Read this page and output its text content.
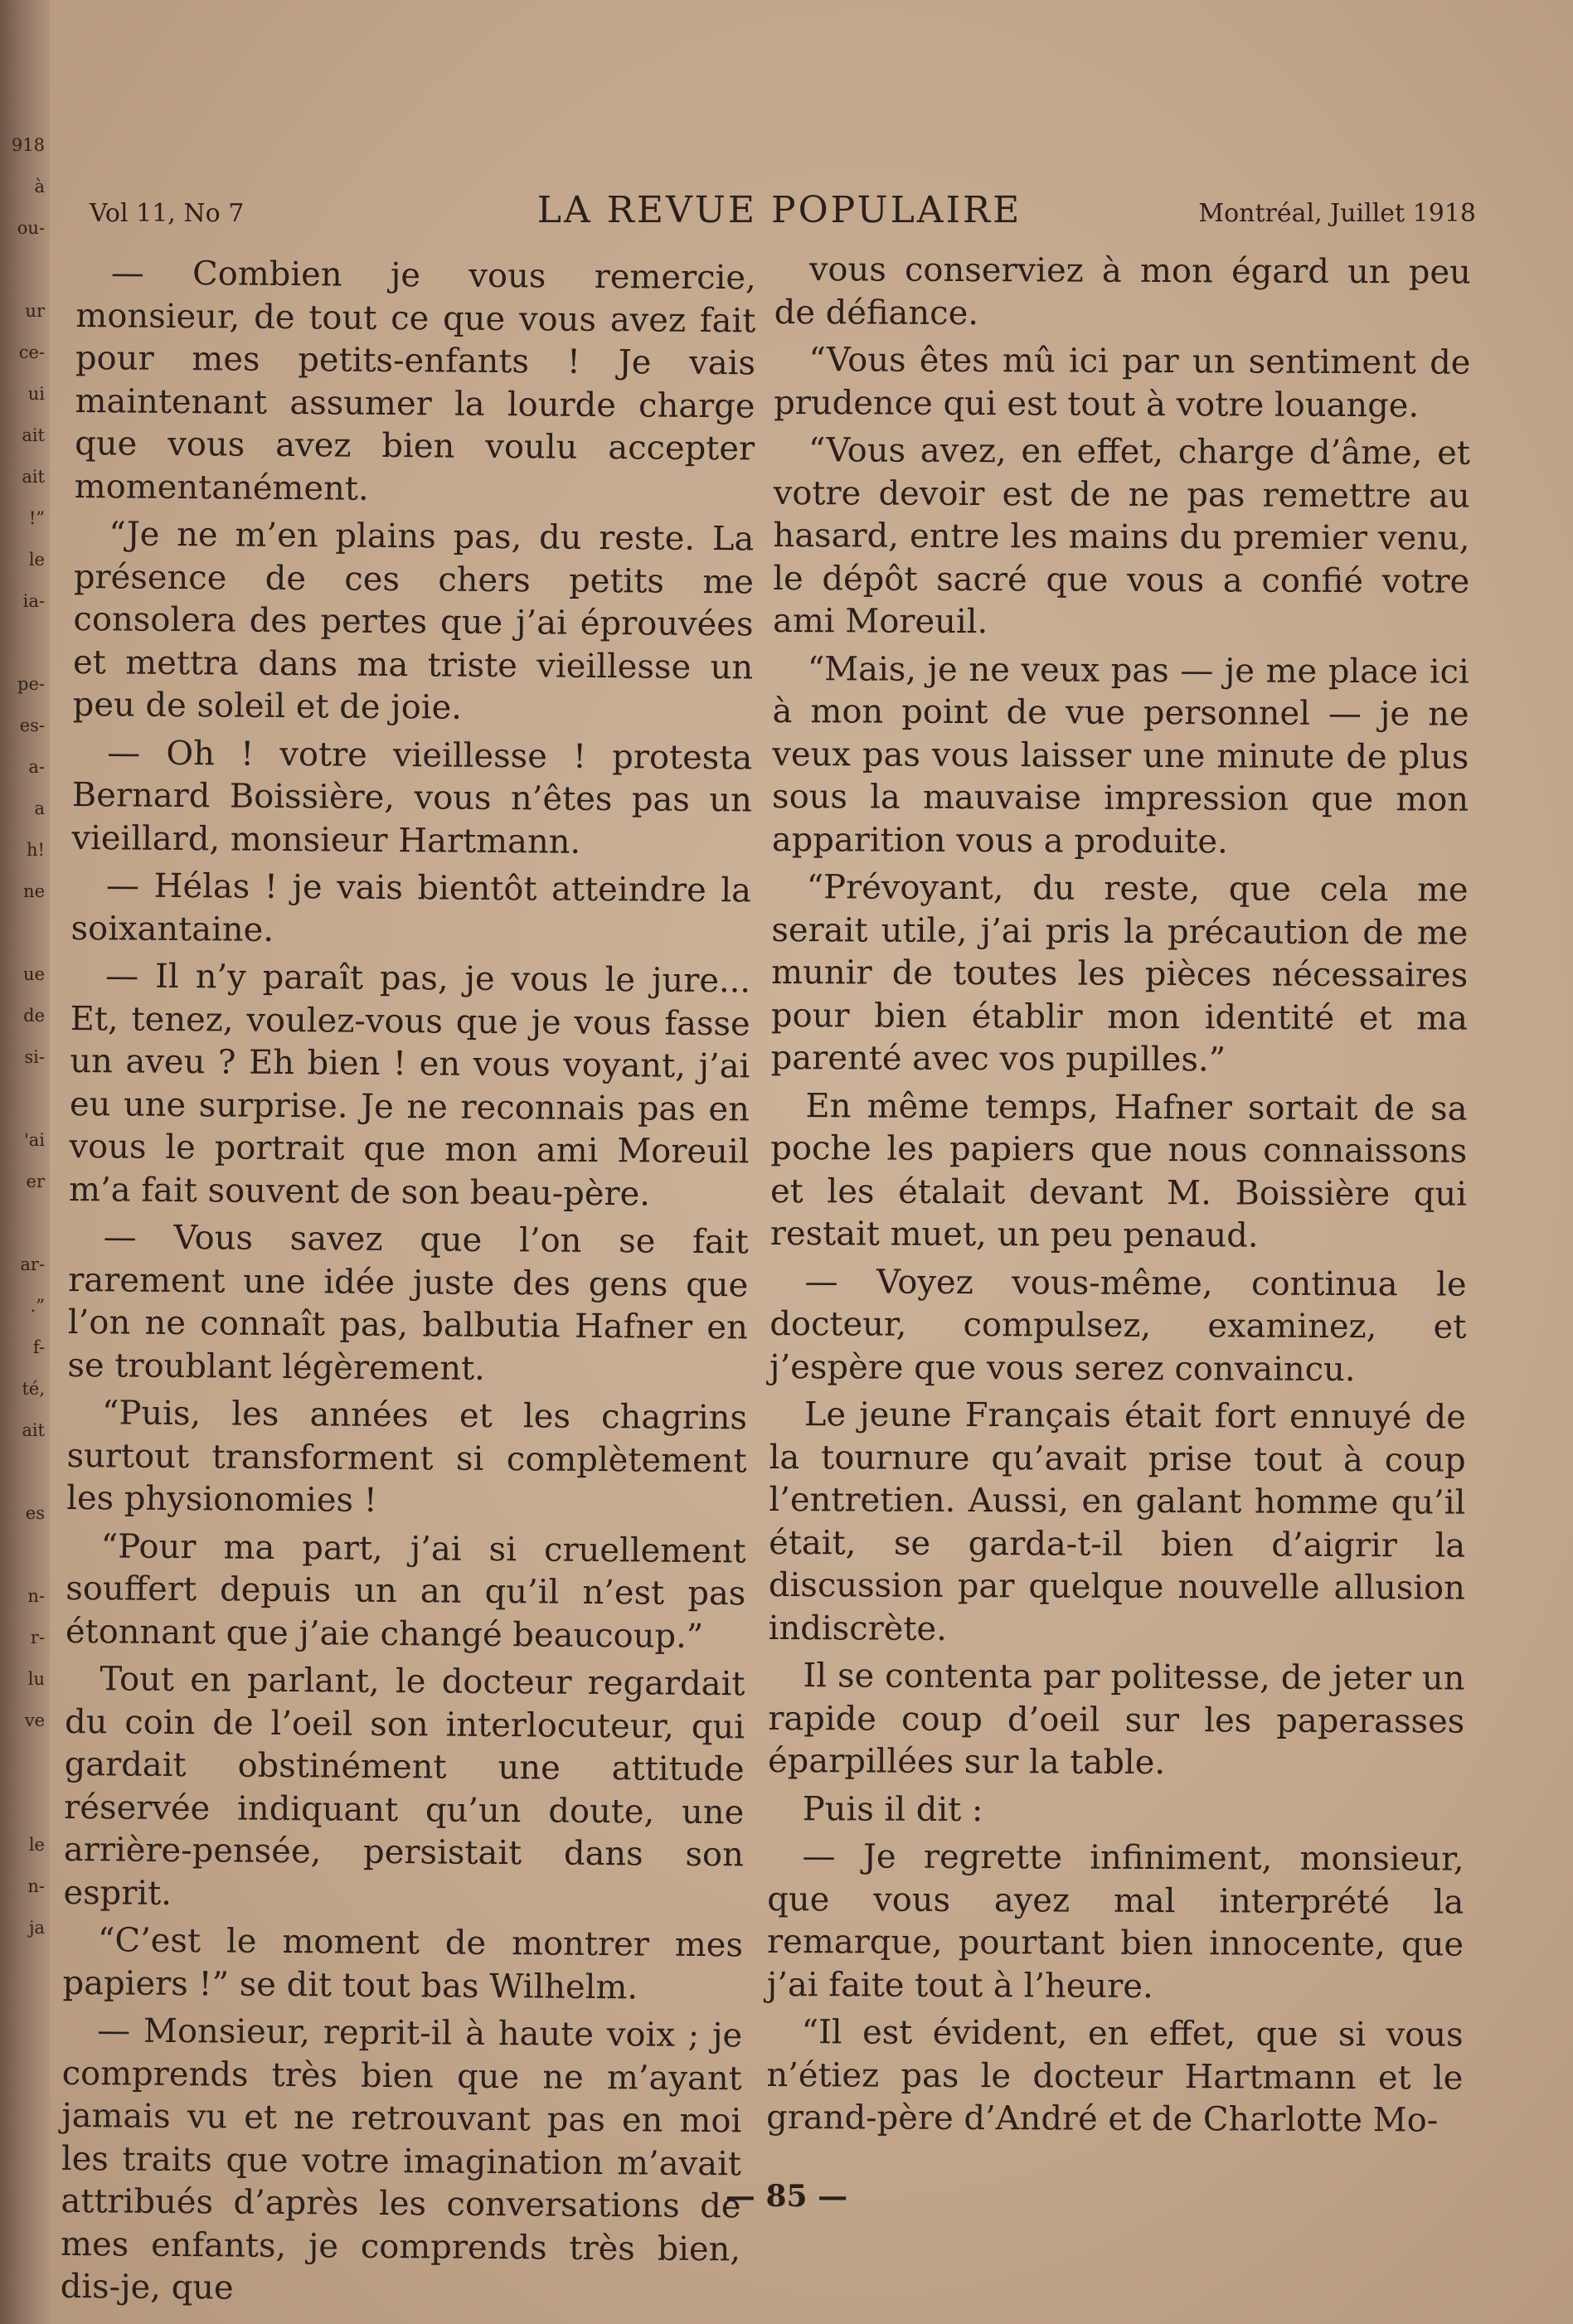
918
à
ou-

ur
ce-
ui
ait
ait
!”
le
ia-

pe-
es-
a-
a
h!
ne

ue
de
si-

'ai
er

ar-
.”
f-
té,
ait

es

n-
r-
lu
ve

le
n-
ja
Vol 11, No 7	LA REVUE POPULAIRE	Montréal, Juillet 1918

— Combien je vous remercie, monsieur, de tout ce que vous avez fait pour mes petits-enfants ! Je vais maintenant assumer la lourde charge que vous avez bien voulu accepter momentanément.

“Je ne m’en plains pas, du reste. La présence de ces chers petits me consolera des pertes que j’ai éprouvées et mettra dans ma triste vieillesse un peu de soleil et de joie.

— Oh ! votre vieillesse ! protesta Bernard Boissière, vous n’êtes pas un vieillard, monsieur Hartmann.

— Hélas ! je vais bientôt atteindre la soixantaine.

— Il n’y paraît pas, je vous le jure... Et, tenez, voulez-vous que je vous fasse un aveu ? Eh bien ! en vous voyant, j’ai eu une surprise. Je ne reconnais pas en vous le portrait que mon ami Moreuil m’a fait souvent de son beau-père.

— Vous savez que l’on se fait rarement une idée juste des gens que l’on ne connaît pas, balbutia Hafner en se troublant légèrement.

“Puis, les années et les chagrins surtout transforment si complètement les physionomies !

“Pour ma part, j’ai si cruellement souffert depuis un an qu’il n’est pas étonnant que j’aie changé beaucoup.”

Tout en parlant, le docteur regardait du coin de l’oeil son interlocuteur, qui gardait obstinément une attitude réservée indiquant qu’un doute, une arrière-pensée, persistait dans son esprit.

“C’est le moment de montrer mes papiers !” se dit tout bas Wilhelm.

— Monsieur, reprit-il à haute voix ; je comprends très bien que ne m’ayant jamais vu et ne retrouvant pas en moi les traits que votre imagination m’avait attribués d’après les conversations de mes enfants, je comprends très bien, dis-je, que

vous conserviez à mon égard un peu de défiance.

“Vous êtes mû ici par un sentiment de prudence qui est tout à votre louange.

“Vous avez, en effet, charge d’âme, et votre devoir est de ne pas remettre au hasard, entre les mains du premier venu, le dépôt sacré que vous a confié votre ami Moreuil.

“Mais, je ne veux pas — je me place ici à mon point de vue personnel — je ne veux pas vous laisser une minute de plus sous la mauvaise impression que mon apparition vous a produite.

“Prévoyant, du reste, que cela me serait utile, j’ai pris la précaution de me munir de toutes les pièces nécessaires pour bien établir mon identité et ma parenté avec vos pupilles.”

En même temps, Hafner sortait de sa poche les papiers que nous connaissons et les étalait devant M. Boissière qui restait muet, un peu penaud.

— Voyez vous-même, continua le docteur, compulsez, examinez, et j’espère que vous serez convaincu.

Le jeune Français était fort ennuyé de la tournure qu’avait prise tout à coup l’entretien. Aussi, en galant homme qu’il était, se garda-t-il bien d’aigrir la discussion par quelque nouvelle allusion indiscrète.

Il se contenta par politesse, de jeter un rapide coup d’oeil sur les paperasses éparpillées sur la table.

Puis il dit :

— Je regrette infiniment, monsieur, que vous ayez mal interprété la remarque, pourtant bien innocente, que j’ai faite tout à l’heure.

“Il est évident, en effet, que si vous n’étiez pas le docteur Hartmann et le grand-père d’André et de Charlotte Mo-

— 85 —
